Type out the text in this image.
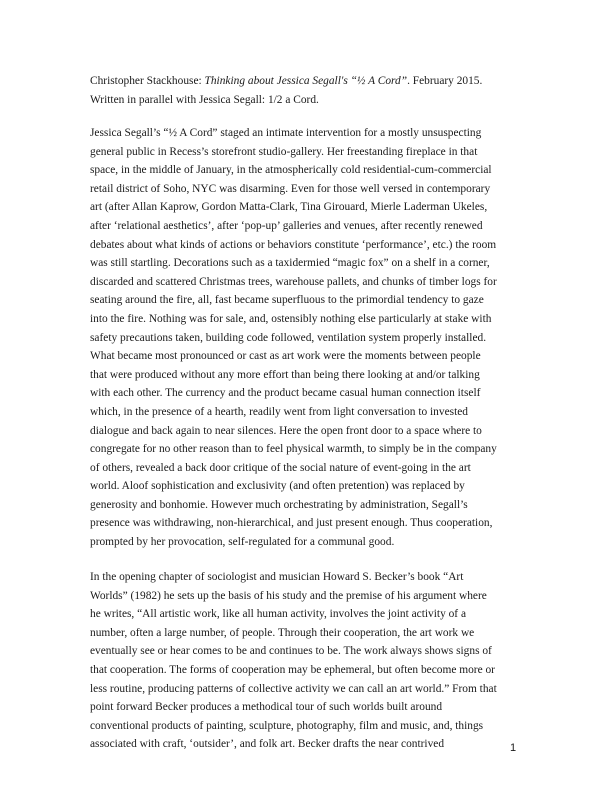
Christopher Stackhouse: Thinking about Jessica Segall's “½ A Cord”. February 2015.
Written in parallel with Jessica Segall: 1/2 a Cord.
Jessica Segall’s “½ A Cord” staged an intimate intervention for a mostly unsuspecting
general public in Recess’s storefront studio-gallery. Her freestanding fireplace in that
space, in the middle of January, in the atmospherically cold residential-cum-commercial
retail district of Soho, NYC was disarming. Even for those well versed in contemporary
art (after Allan Kaprow, Gordon Matta-Clark, Tina Girouard, Mierle Laderman Ukeles,
after ‘relational aesthetics’, after ‘pop-up’ galleries and venues, after recently renewed
debates about what kinds of actions or behaviors constitute ‘performance’, etc.) the room
was still startling. Decorations such as a taxidermied “magic fox” on a shelf in a corner,
discarded and scattered Christmas trees, warehouse pallets, and chunks of timber logs for
seating around the fire, all, fast became superfluous to the primordial tendency to gaze
into the fire. Nothing was for sale, and, ostensibly nothing else particularly at stake with
safety precautions taken, building code followed, ventilation system properly installed.
What became most pronounced or cast as art work were the moments between people
that were produced without any more effort than being there looking at and/or talking
with each other. The currency and the product became casual human connection itself
which, in the presence of a hearth, readily went from light conversation to invested
dialogue and back again to near silences. Here the open front door to a space where to
congregate for no other reason than to feel physical warmth, to simply be in the company
of others, revealed a back door critique of the social nature of event-going in the art
world. Aloof sophistication and exclusivity (and often pretention) was replaced by
generosity and bonhomie. However much orchestrating by administration, Segall’s
presence was withdrawing, non-hierarchical, and just present enough. Thus cooperation,
prompted by her provocation, self-regulated for a communal good.
In the opening chapter of sociologist and musician Howard S. Becker’s book “Art
Worlds” (1982) he sets up the basis of his study and the premise of his argument where
he writes, “All artistic work, like all human activity, involves the joint activity of a
number, often a large number, of people. Through their cooperation, the art work we
eventually see or hear comes to be and continues to be. The work always shows signs of
that cooperation. The forms of cooperation may be ephemeral, but often become more or
less routine, producing patterns of collective activity we can call an art world.” From that
point forward Becker produces a methodical tour of such worlds built around
conventional products of painting, sculpture, photography, film and music, and, things
associated with craft, ‘outsider’, and folk art. Becker drafts the near contrived	1
